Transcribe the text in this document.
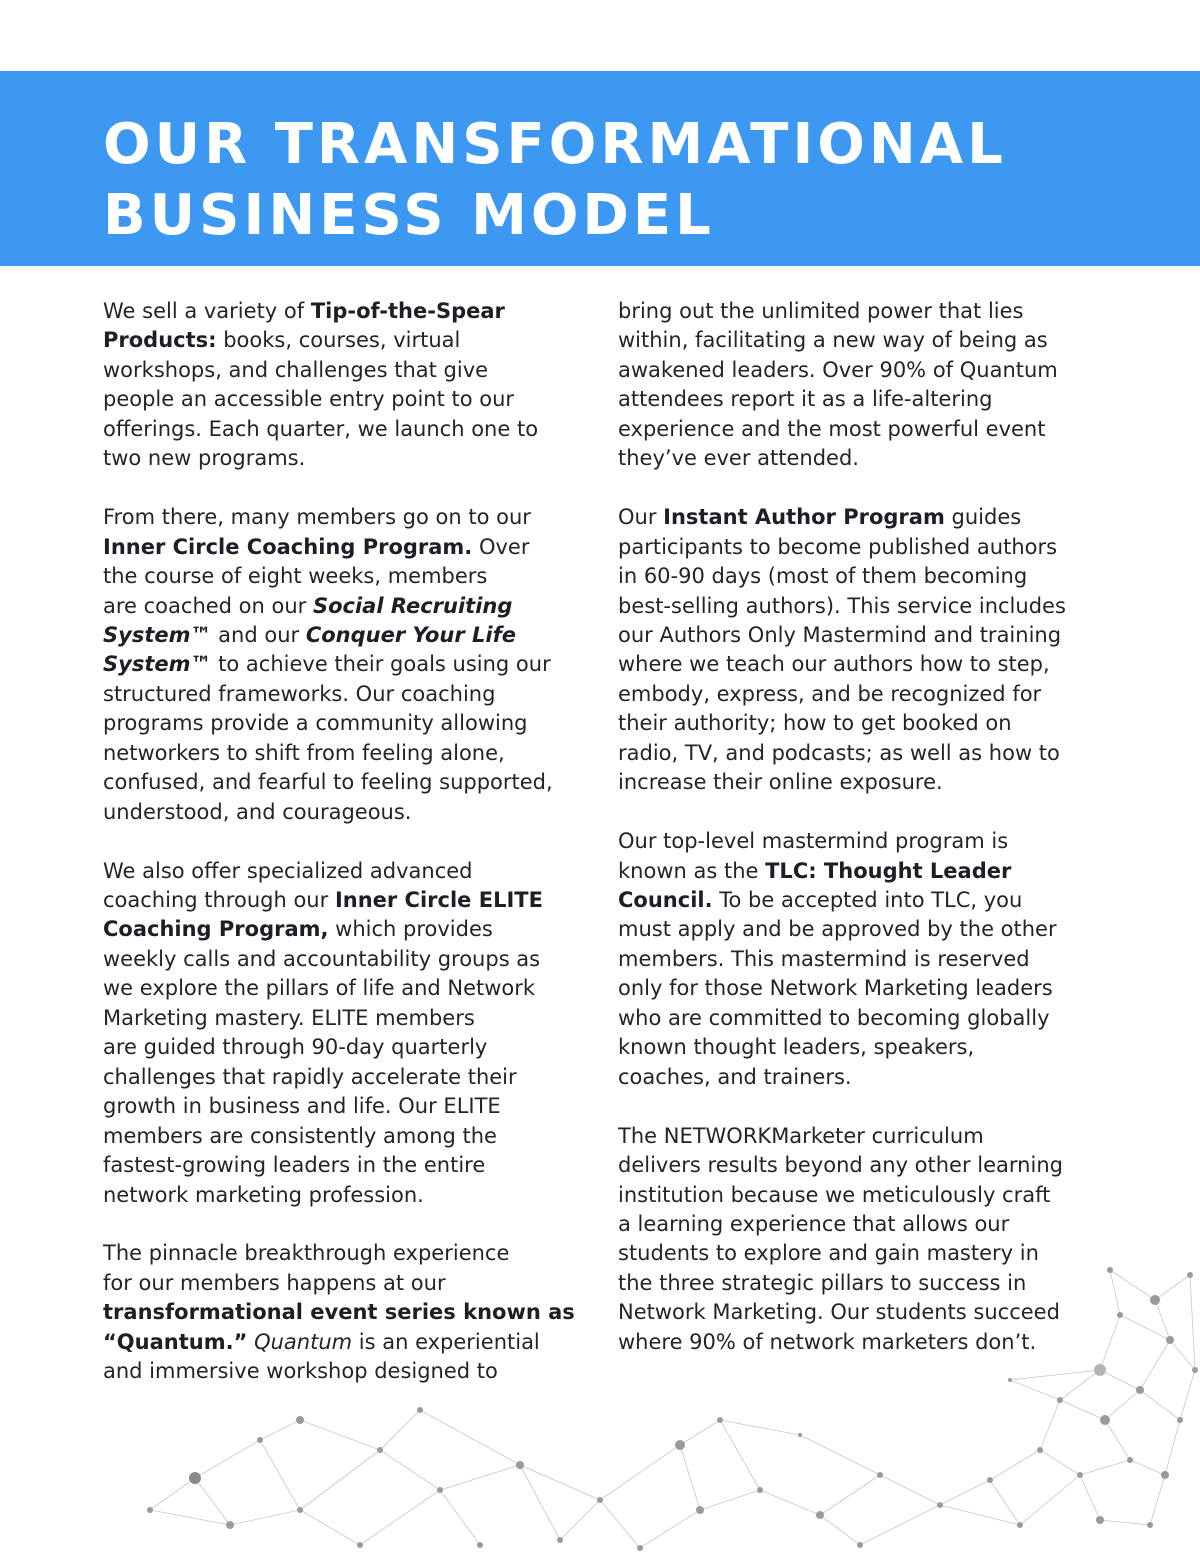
OUR TRANSFORMATIONAL
BUSINESS MODEL

We sell a variety of Tip-of-the-Spear
Products: books, courses, virtual
workshops, and challenges that give
people an accessible entry point to our
offerings. Each quarter, we launch one to
two new programs.

From there, many members go on to our
Inner Circle Coaching Program. Over
the course of eight weeks, members
are coached on our Social Recruiting
System™ and our Conquer Your Life
System™ to achieve their goals using our
structured frameworks. Our coaching
programs provide a community allowing
networkers to shift from feeling alone,
confused, and fearful to feeling supported,
understood, and courageous.

We also offer specialized advanced
coaching through our Inner Circle ELITE
Coaching Program, which provides
weekly calls and accountability groups as
we explore the pillars of life and Network
Marketing mastery. ELITE members
are guided through 90-day quarterly
challenges that rapidly accelerate their
growth in business and life. Our ELITE
members are consistently among the
fastest-growing leaders in the entire
network marketing profession.

The pinnacle breakthrough experience
for our members happens at our
transformational event series known as
“Quantum.” Quantum is an experiential
and immersive workshop designed to

bring out the unlimited power that lies
within, facilitating a new way of being as
awakened leaders. Over 90% of Quantum
attendees report it as a life-altering
experience and the most powerful event
they’ve ever attended.

Our Instant Author Program guides
participants to become published authors
in 60-90 days (most of them becoming
best-selling authors). This service includes
our Authors Only Mastermind and training
where we teach our authors how to step,
embody, express, and be recognized for
their authority; how to get booked on
radio, TV, and podcasts; as well as how to
increase their online exposure.

Our top-level mastermind program is
known as the TLC: Thought Leader
Council. To be accepted into TLC, you
must apply and be approved by the other
members. This mastermind is reserved
only for those Network Marketing leaders
who are committed to becoming globally
known thought leaders, speakers,
coaches, and trainers.

The NETWORKMarketer curriculum
delivers results beyond any other learning
institution because we meticulously craft
a learning experience that allows our
students to explore and gain mastery in
the three strategic pillars to success in
Network Marketing. Our students succeed
where 90% of network marketers don’t.
